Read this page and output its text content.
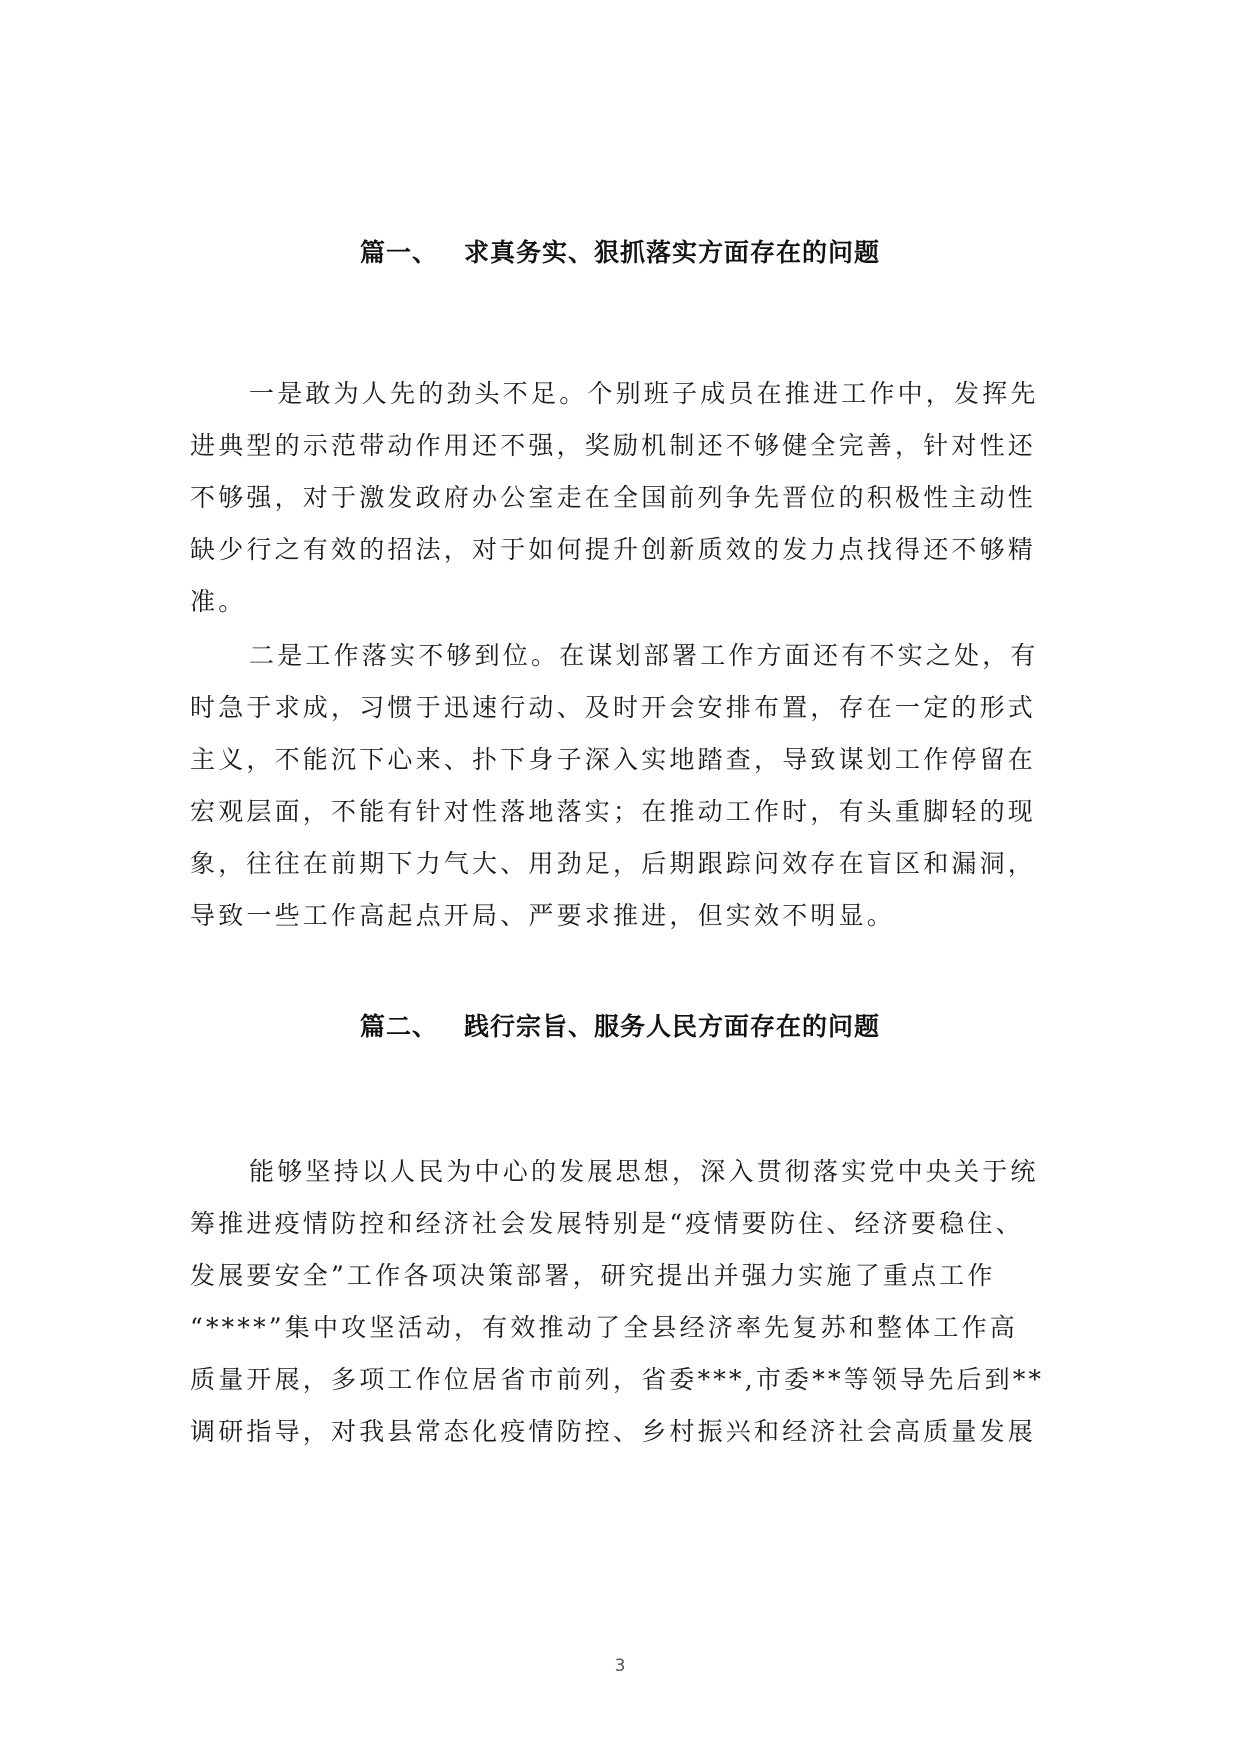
篇一、 求真务实、狠抓落实方面存在的问题
一是敢为人先的劲头不足。个别班子成员在推进工作中，发挥先
进典型的示范带动作用还不强，奖励机制还不够健全完善，针对性还
不够强，对于激发政府办公室走在全国前列争先晋位的积极性主动性
缺少行之有效的招法，对于如何提升创新质效的发力点找得还不够精
准。
二是工作落实不够到位。在谋划部署工作方面还有不实之处，有
时急于求成，习惯于迅速行动、及时开会安排布置，存在一定的形式
主义，不能沉下心来、扑下身子深入实地踏查，导致谋划工作停留在
宏观层面，不能有针对性落地落实；在推动工作时，有头重脚轻的现
象，往往在前期下力气大、用劲足，后期跟踪问效存在盲区和漏洞，
导致一些工作高起点开局、严要求推进，但实效不明显。
篇二、 践行宗旨、服务人民方面存在的问题
能够坚持以人民为中心的发展思想，深入贯彻落实党中央关于统
筹推进疫情防控和经济社会发展特别是“疫情要防住、经济要稳住、
发展要安全”工作各项决策部署，研究提出并强力实施了重点工作
“****”集中攻坚活动，有效推动了全县经济率先复苏和整体工作高
质量开展，多项工作位居省市前列，省委***,市委**等领导先后到**
调研指导，对我县常态化疫情防控、乡村振兴和经济社会高质量发展
3
